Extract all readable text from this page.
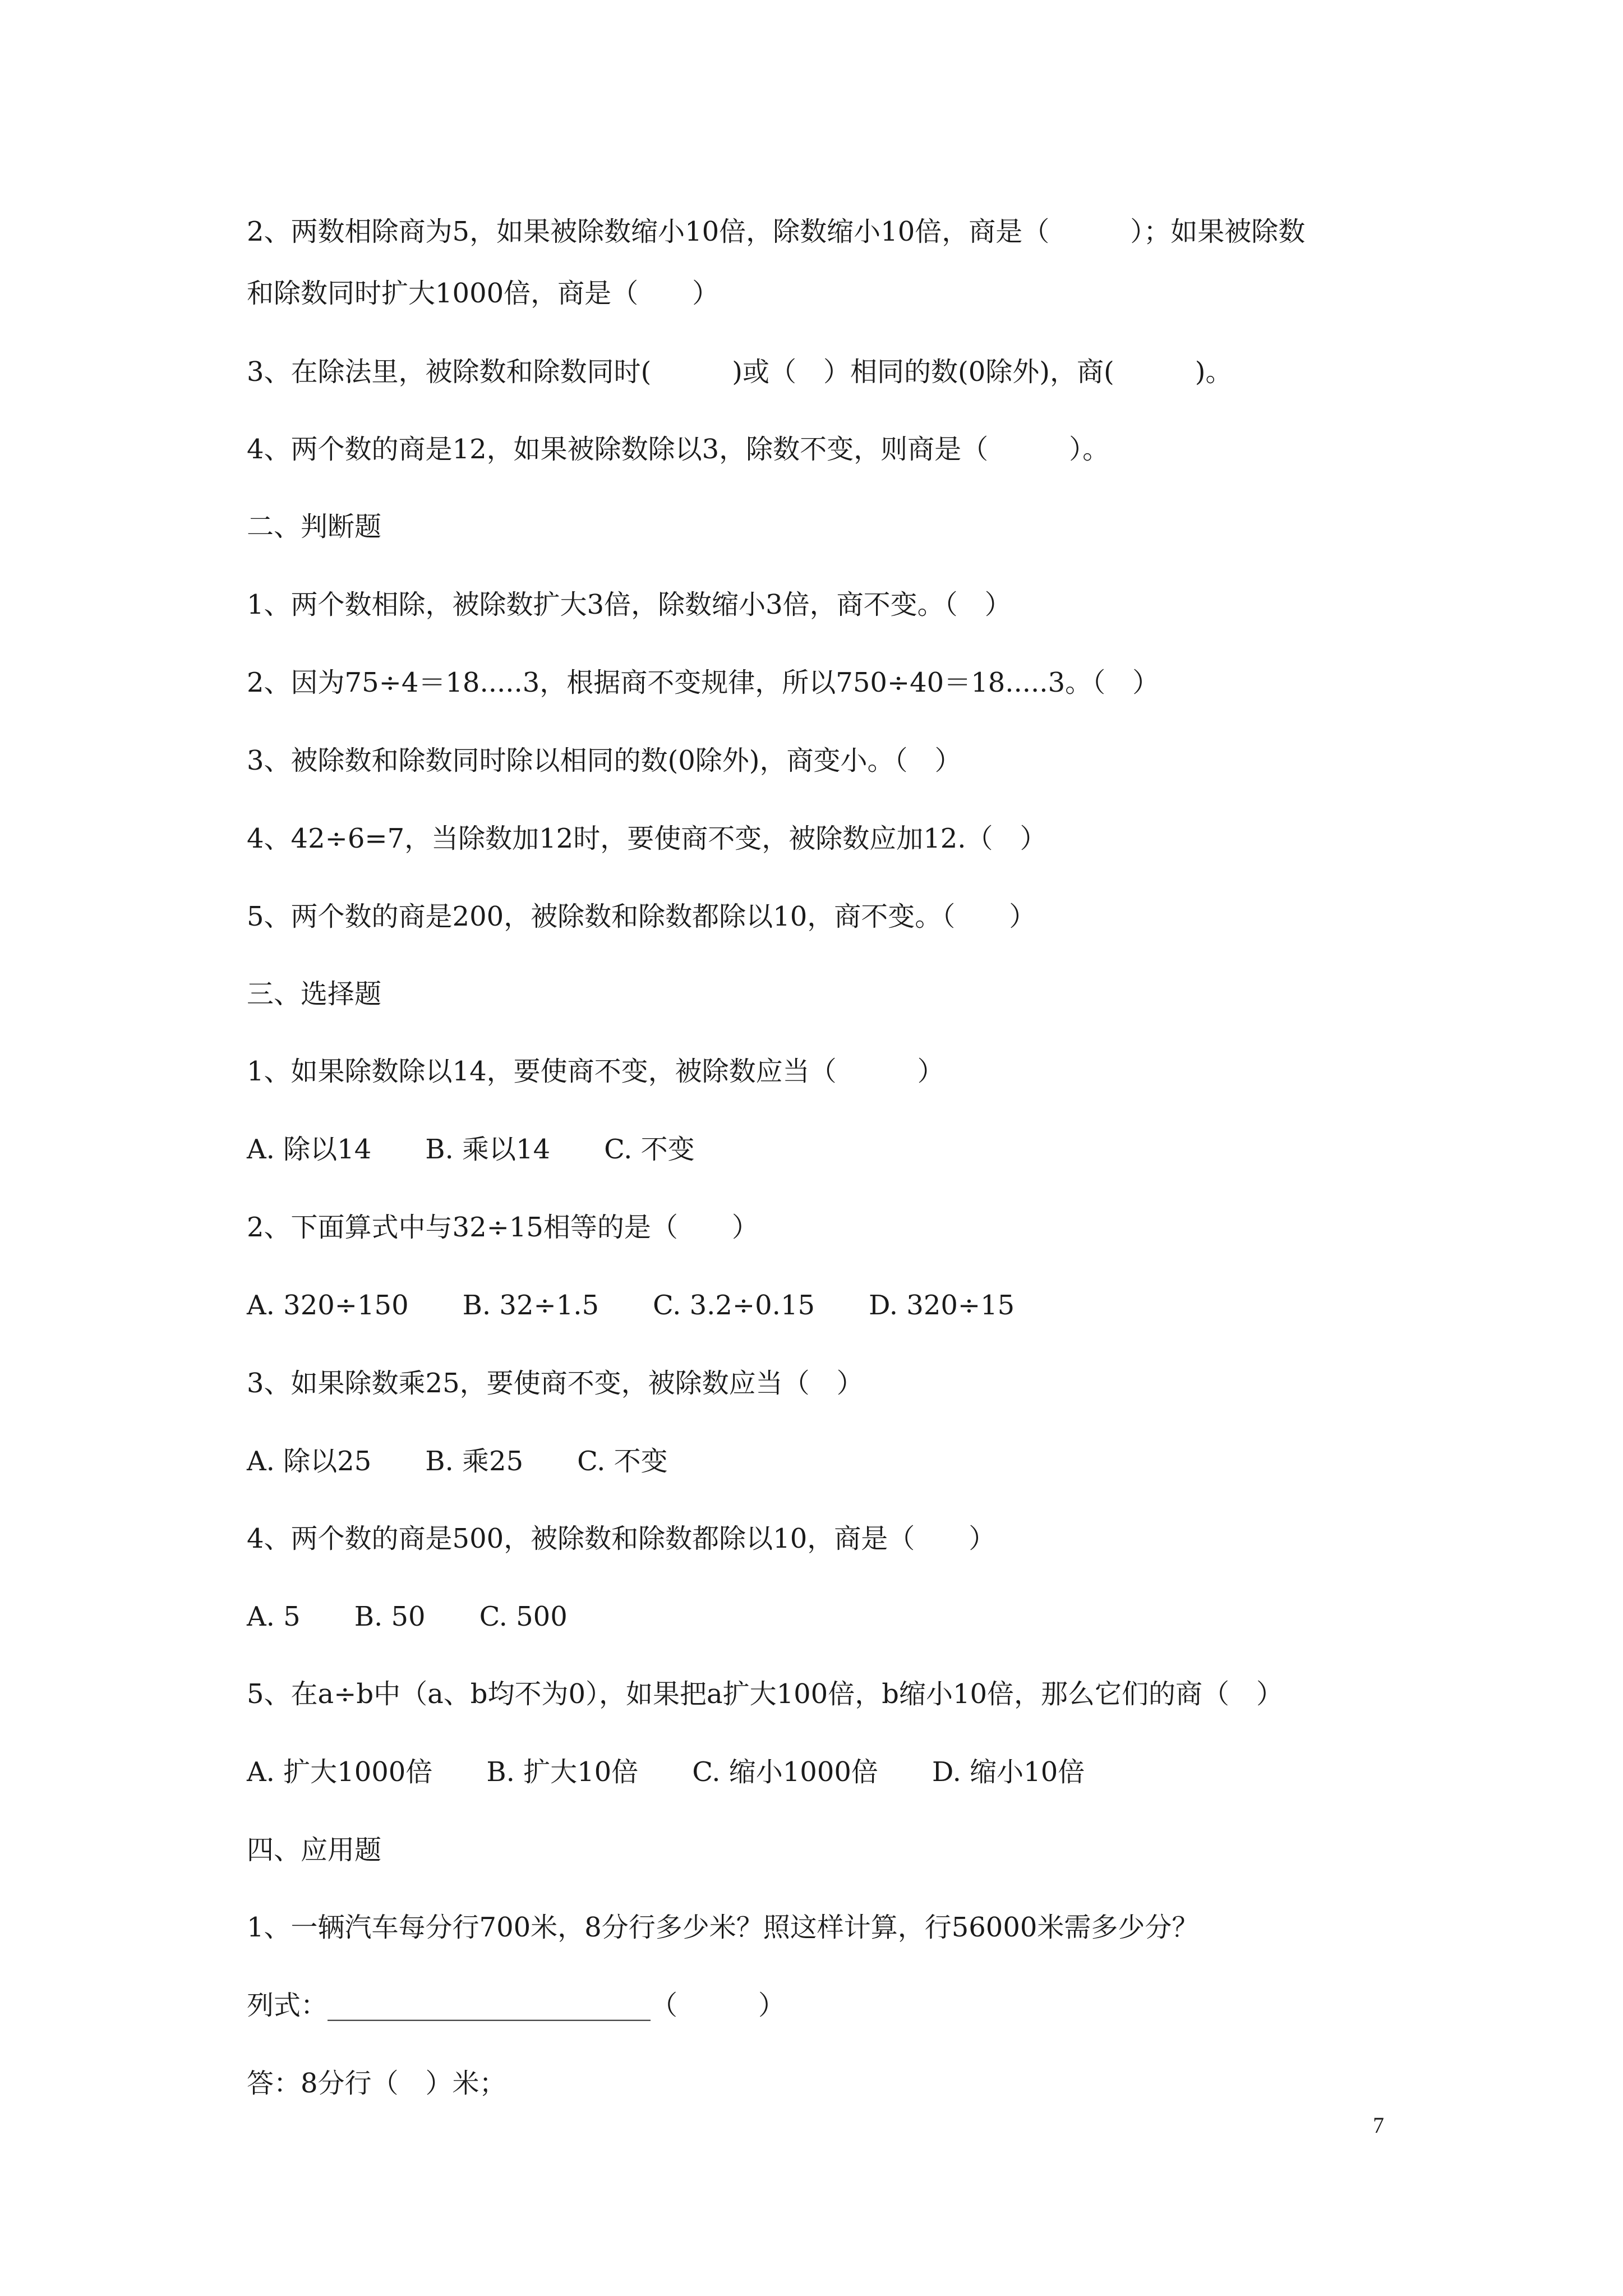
2、两数相除商为5，如果被除数缩小10倍，除数缩小10倍，商是（　　　）；如果被除数
和除数同时扩大1000倍，商是（　　）
3、在除法里，被除数和除数同时(　　　)或（　）相同的数(0除外)，商(　　　)。
4、两个数的商是12，如果被除数除以3，除数不变，则商是（　　　）。
二、判断题
1、两个数相除，被除数扩大3倍，除数缩小3倍，商不变。（　）
2、因为75÷4＝18.....3，根据商不变规律，所以750÷40＝18.....3。（　）
3、被除数和除数同时除以相同的数(0除外)，商变小。（　）
4、42÷6=7，当除数加12时，要使商不变，被除数应加12.（　）
5、两个数的商是200，被除数和除数都除以10，商不变。（　　）
三、选择题
1、如果除数除以14，要使商不变，被除数应当（　　　）
A. 除以14　　B. 乘以14　　C. 不变
2、下面算式中与32÷15相等的是（　　）
A. 320÷150　　B. 32÷1.5　　C. 3.2÷0.15　　D. 320÷15
3、如果除数乘25，要使商不变，被除数应当（　）
A. 除以25　　B. 乘25　　C. 不变
4、两个数的商是500，被除数和除数都除以10，商是（　　）
A. 5　　B. 50　　C. 500
5、在a÷b中（a、b均不为0），如果把a扩大100倍，b缩小10倍，那么它们的商（　）
A. 扩大1000倍　　B. 扩大10倍　　C. 缩小1000倍　　D. 缩小10倍
四、应用题
1、一辆汽车每分行700米，8分行多少米？照这样计算，行56000米需多少分？
列式：________________________（　　　）
答：8分行（　）米；
7
